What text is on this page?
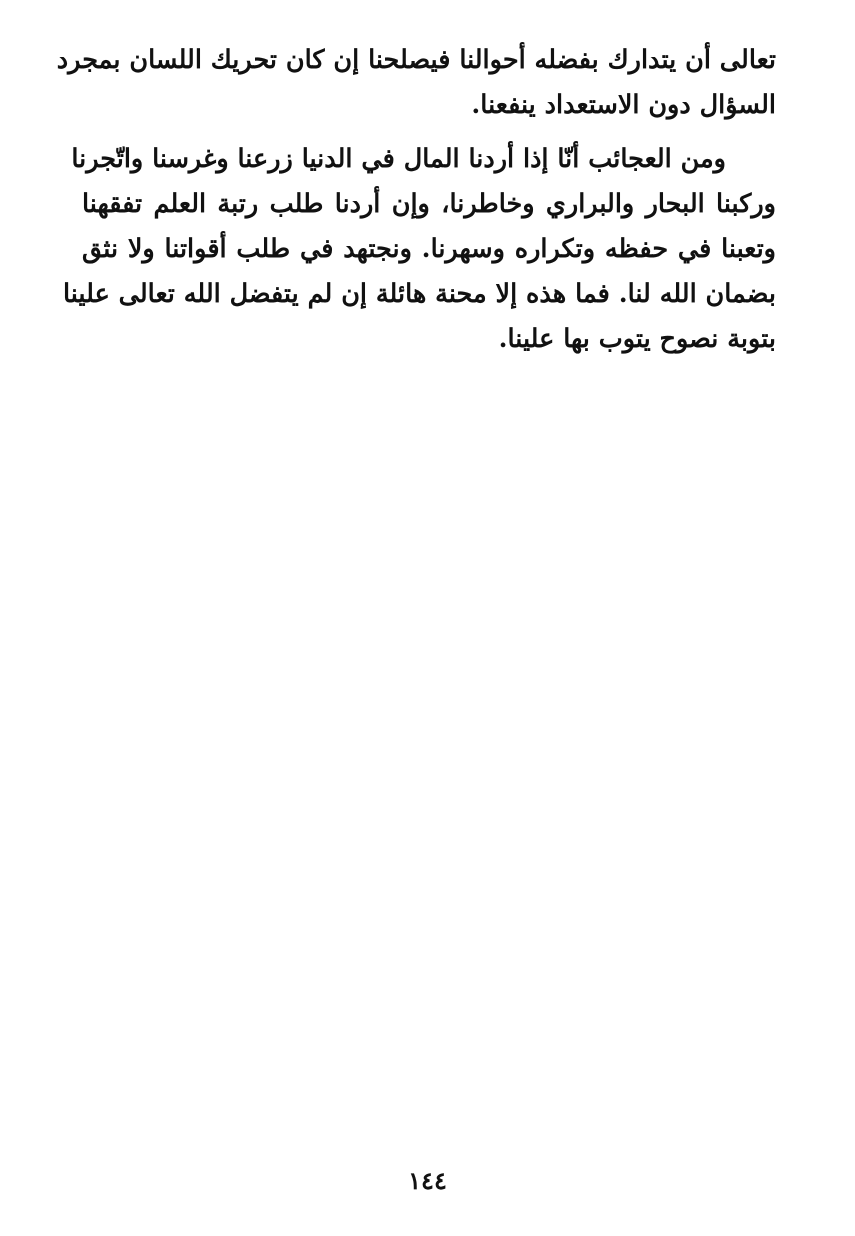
تعالى أن يتدارك بفضله أحوالنا فيصلحنا إن كان تحريك اللسان بمجرد
السؤال دون الاستعداد ينفعنا.

ومن العجائب أنّا إذا أردنا المال في الدنيا زرعنا وغرسنا واتّجرنا
وركبنا البحار والبراري وخاطرنا، وإن أردنا طلب رتبة العلم تفقهنا
وتعبنا في حفظه وتكراره وسهرنا. ونجتهد في طلب أقواتنا ولا نثق
بضمان الله لنا. فما هذه إلا محنة هائلة إن لم يتفضل الله تعالى علينا
بتوبة نصوح يتوب بها علينا.

١٤٤
